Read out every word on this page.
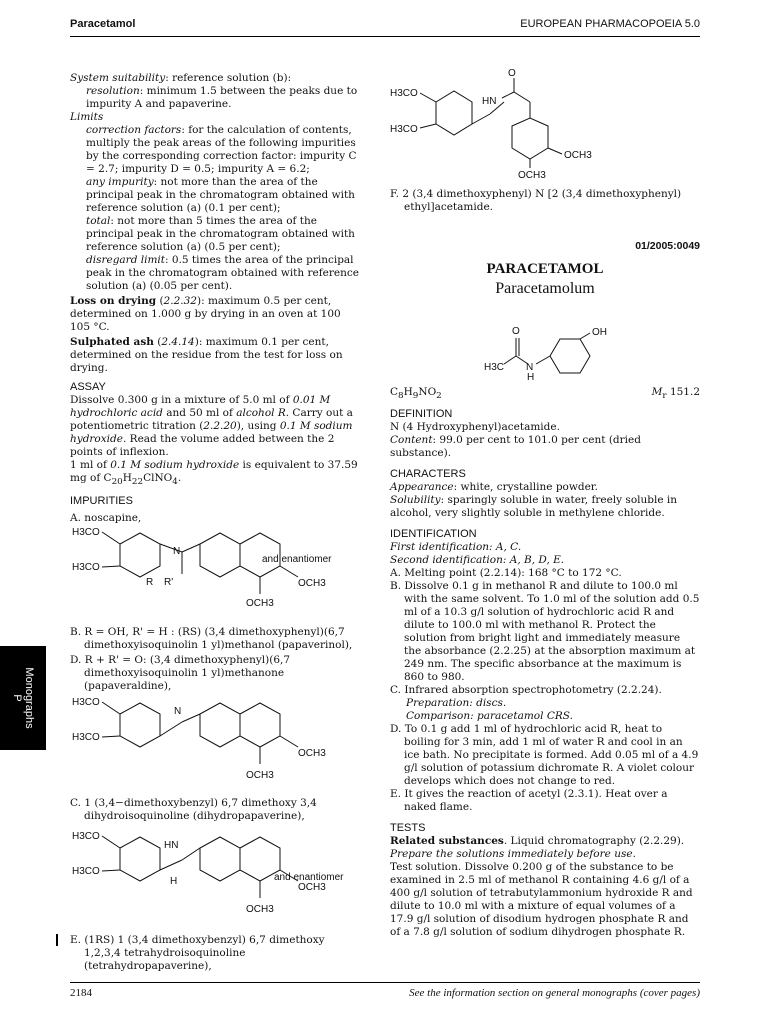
Paracetamol	EUROPEAN PHARMACOPOEIA 5.0
Monographs
P

System suitability: reference solution (b):

resolution: minimum 1.5 between the peaks due to impurity A and papaverine.

Limits

correction factors: for the calculation of contents, multiply the peak areas of the following impurities by the corresponding correction factor: impurity C = 2.7; impurity D = 0.5; impurity A = 6.2;

any impurity: not more than the area of the principal peak in the chromatogram obtained with reference solution (a) (0.1 per cent);

total: not more than 5 times the area of the principal peak in the chromatogram obtained with reference solution (a) (0.5 per cent);

disregard limit: 0.5 times the area of the principal peak in the chromatogram obtained with reference solution (a) (0.05 per cent).

Loss on drying (2.2.32): maximum 0.5 per cent, determined on 1.000 g by drying in an oven at 100 105 °C.

Sulphated ash (2.4.14): maximum 0.1 per cent, determined on the residue from the test for loss on drying.

ASSAY

Dissolve 0.300 g in a mixture of 5.0 ml of 0.01 M hydrochloric acid and 50 ml of alcohol R. Carry out a potentiometric titration (2.2.20), using 0.1 M sodium hydroxide. Read the volume added between the 2 points of inflexion.

1 ml of 0.1 M sodium hydroxide is equivalent to 37.59 mg of $C_{20}H_{22}ClNO_4$.

IMPURITIES

A. noscapine,

H3CO
H3CO
R R'
N
OCH3
OCH3
and enantiomer

B. R = OH, R' = H : (RS) (3,4 dimethoxyphenyl)(6,7 dimethoxyisoquinolin 1 yl)methanol (papaverinol),

D. R + R' = O: (3,4 dimethoxyphenyl)(6,7 dimethoxyisoquinolin 1 yl)methanone (papaveraldine),

H3CO
H3CO
N
OCH3
OCH3

C. 1 (3,4−dimethoxybenzyl) 6,7 dimethoxy 3,4 dihydroisoquinoline (dihydropapaverine),

H3CO
H3CO
HN
H
OCH3
OCH3
and enantiomer

E. (1RS) 1 (3,4 dimethoxybenzyl) 6,7 dimethoxy 1,2,3,4 tetrahydroisoquinoline (tetrahydropapaverine),

H3CO
H3CO
HN
O
OCH3
OCH3

F. 2 (3,4 dimethoxyphenyl) N [2 (3,4 dimethoxyphenyl) ethyl]acetamide.

01/2005:0049

PARACETAMOL

Paracetamolum

H3C
O
N
H
OH
$C_8H_9NO_2$	$M_r$ 151.2

DEFINITION

N (4 Hydroxyphenyl)acetamide.

Content: 99.0 per cent to 101.0 per cent (dried substance).

CHARACTERS

Appearance: white, crystalline powder.

Solubility: sparingly soluble in water, freely soluble in alcohol, very slightly soluble in methylene chloride.

IDENTIFICATION

First identification: A, C.

Second identification: A, B, D, E.

A. Melting point (2.2.14): 168 °C to 172 °C.

B. Dissolve 0.1 g in methanol R and dilute to 100.0 ml with the same solvent. To 1.0 ml of the solution add 0.5 ml of a 10.3 g/l solution of hydrochloric acid R and dilute to 100.0 ml with methanol R. Protect the solution from bright light and immediately measure the absorbance (2.2.25) at the absorption maximum at 249 nm. The specific absorbance at the maximum is 860 to 980.

C. Infrared absorption spectrophotometry (2.2.24).

Preparation: discs.

Comparison: paracetamol CRS.

D. To 0.1 g add 1 ml of hydrochloric acid R, heat to boiling for 3 min, add 1 ml of water R and cool in an ice bath. No precipitate is formed. Add 0.05 ml of a 4.9 g/l solution of potassium dichromate R. A violet colour develops which does not change to red.

E. It gives the reaction of acetyl (2.3.1). Heat over a naked flame.

TESTS

Related substances. Liquid chromatography (2.2.29).

Prepare the solutions immediately before use.

Test solution. Dissolve 0.200 g of the substance to be examined in 2.5 ml of methanol R containing 4.6 g/l of a 400 g/l solution of tetrabutylammonium hydroxide R and dilute to 10.0 ml with a mixture of equal volumes of a 17.9 g/l solution of disodium hydrogen phosphate R and of a 7.8 g/l solution of sodium dihydrogen phosphate R.

2184	See the information section on general monographs (cover pages)
